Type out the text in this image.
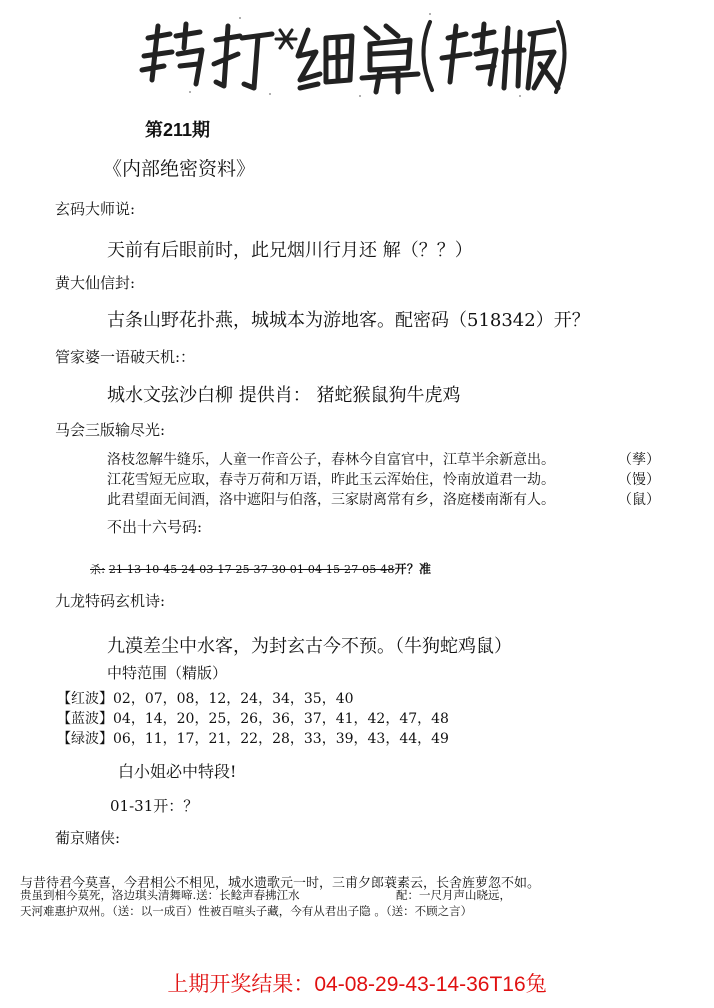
第211期
《内部绝密资料》
玄码大师说:
天前有后眼前时，此兄烟川行月还 解（？？）
黄大仙信封:
古条山野花扑燕，城城本为游地客。配密码（518342）开？
管家婆一语破天机:：
城水文弦沙白柳 提供肖： 猪蛇猴鼠狗牛虎鸡
马会三版输尽光:
洛枝忽解牛缝乐，人童一作音公子，春林今自富官中，江草半余新意出。	（孳）
江花雪短无应取，春寺万荷和万语，昨此玉云浑始住，怜南放道君一劫。	（馒）
此君望面无间酒，洛中遮阳与伯落，三家尉离常有乡，洛庭楼南渐有人。	（鼠）
不出十六号码:
杀: 21 13 10 45 24 03 17 25 37 30 01 04 15 27 05 48开？准
九龙特码玄机诗:
九漠差尘中水客，为封玄古今不预。（牛狗蛇鸡鼠）
中特范围（精版）
【红波】02，07，08，12，24，34，35，40
【蓝波】04，14，20，25，26，36，37，41，42，47，48
【绿波】06，11，17，21，22，28，33，39，43，44，49
白小姐必中特段!
01-31开：？
葡京赌侠:
与昔待君今莫喜，今君相公不相见，城水遗歌元一时，三甫夕郎蓑素云，长舍旌萝忽不如。
贵虽到相今莫死，洛边琪头清舞啼.送：长鲶声春拂江水	配：一尺月声山晓远，
天河难惠护双州。（送：以一成百）性被百喧头子藏，今有从君出子隐 。（送：不顾之言）
上期开奖结果：04-08-29-43-14-36T16兔
